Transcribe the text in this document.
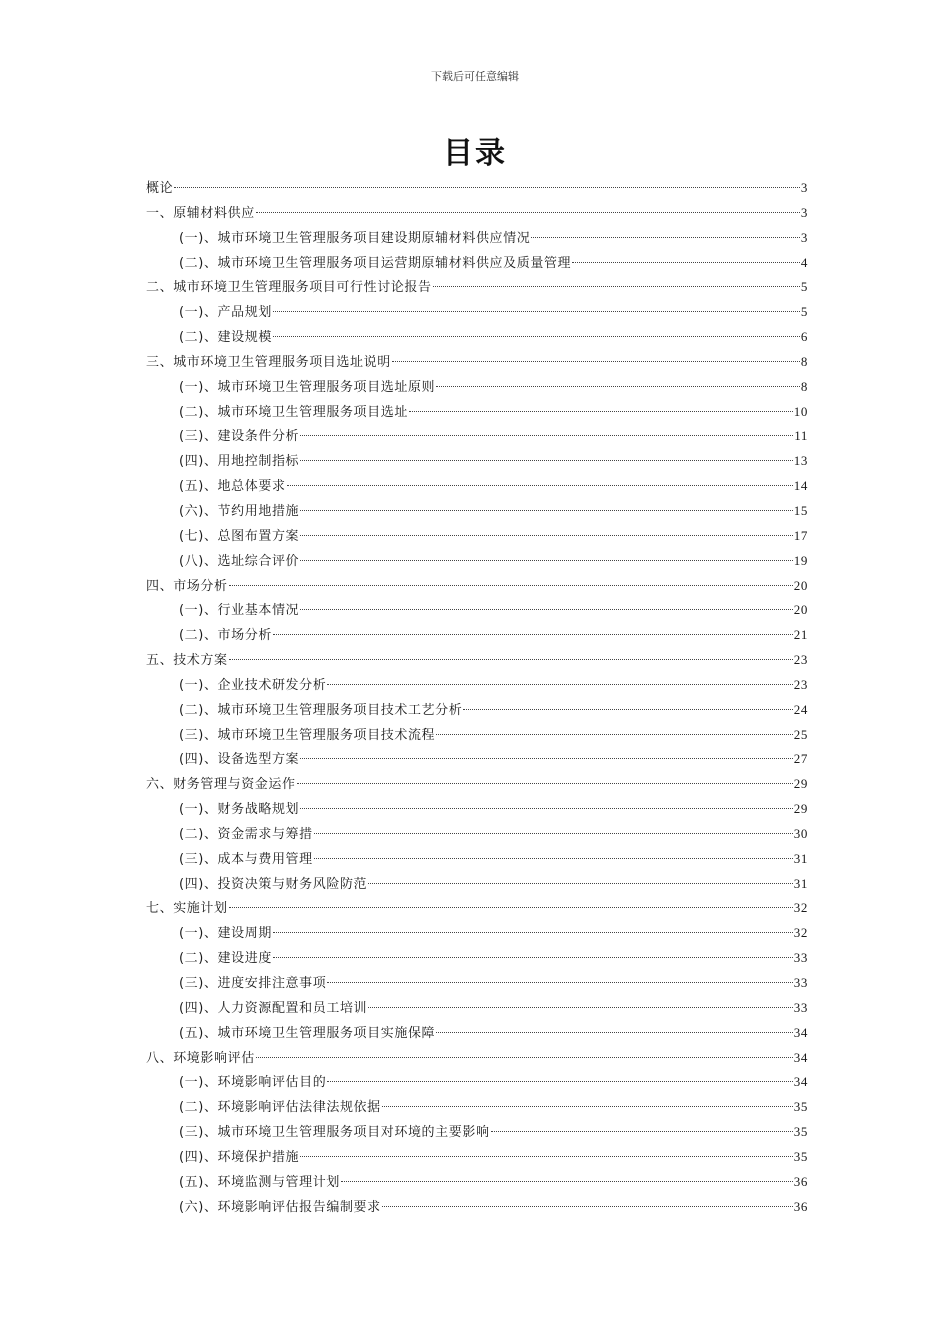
下载后可任意编辑
目录
概论	3
一、原辅材料供应	3
(一)、城市环境卫生管理服务项目建设期原辅材料供应情况	3
(二)、城市环境卫生管理服务项目运营期原辅材料供应及质量管理	4
二、城市环境卫生管理服务项目可行性讨论报告	5
(一)、产品规划	5
(二)、建设规模	6
三、城市环境卫生管理服务项目选址说明	8
(一)、城市环境卫生管理服务项目选址原则	8
(二)、城市环境卫生管理服务项目选址	10
(三)、建设条件分析	11
(四)、用地控制指标	13
(五)、地总体要求	14
(六)、节约用地措施	15
(七)、总图布置方案	17
(八)、选址综合评价	19
四、市场分析	20
(一)、行业基本情况	20
(二)、市场分析	21
五、技术方案	23
(一)、企业技术研发分析	23
(二)、城市环境卫生管理服务项目技术工艺分析	24
(三)、城市环境卫生管理服务项目技术流程	25
(四)、设备选型方案	27
六、财务管理与资金运作	29
(一)、财务战略规划	29
(二)、资金需求与筹措	30
(三)、成本与费用管理	31
(四)、投资决策与财务风险防范	31
七、实施计划	32
(一)、建设周期	32
(二)、建设进度	33
(三)、进度安排注意事项	33
(四)、人力资源配置和员工培训	33
(五)、城市环境卫生管理服务项目实施保障	34
八、环境影响评估	34
(一)、环境影响评估目的	34
(二)、环境影响评估法律法规依据	35
(三)、城市环境卫生管理服务项目对环境的主要影响	35
(四)、环境保护措施	35
(五)、环境监测与管理计划	36
(六)、环境影响评估报告编制要求	36
